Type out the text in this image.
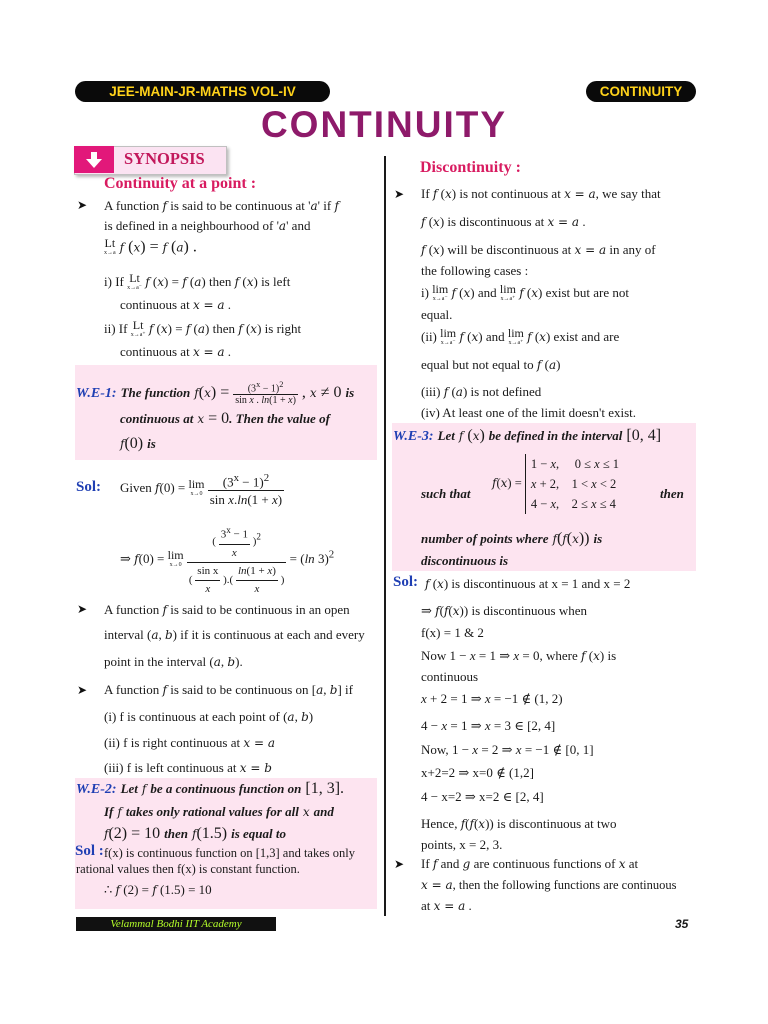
JEE-MAIN-JR-MATHS VOL-IV	CONTINUITY
CONTINUITY
SYNOPSIS
Continuity at a point :
➤ A function f is said to be continuous at 'a' if f
is defined in a neighbourhood of 'a' and
Lt
x→a f (x) = f (a) .
i) If Lt
x→a⁻ f (x) = f (a) then f (x) is left
continuous at x = a .
ii) If Lt
x→a⁺ f (x) = f (a) then f (x) is right
continuous at x = a .
W.E-1: The function $f(x) = \frac{(3^x - 1)^2}{\text{sin x . ln(1 + x)}}$ , x ≠ 0 is
continuous at x = 0. Then the value of
f(0) is
Sol: Given f(0) = lim
x→0
$\frac{(3^x - 1)^2}{\text{sin x.ln(1 + x)}}$
⇒ f(0) = lim
x→0
$\frac{( \frac{3^x - 1}{x} )^2}{( \frac{\text{sin x}}{x} ).( \frac{\ln(1 + x)}{x} )} = (\ln$ 3)$^2$
➤ A function f is said to be continuous in an open
interval (a, b) if it is continuous at each and every
point in the interval (a, b).
➤ A function f is said to be continuous on [a, b] if
(i) f is continuous at each point of (a, b)
(ii) f is right continuous at x = a
(iii) f is left continuous at x = b
W.E-2: Let f be a continuous function on [1, 3].
If f takes only rational values for all x and
f(2) = 10 then f(1.5) is equal to
Sol : f(x) is continuous function on [1,3] and takes only
rational values then f(x) is constant function.
∴ f (2) = f (1.5) = 10
Discontinuity :
➤ If f (x) is not continuous at x = a, we say that
f (x) is discontinuous at x = a .
f (x) will be discontinuous at x = a in any of
the following cases :
i) lim
x→a⁻ f (x) and lim
x→a⁺ f (x) exist but are not
equal.
(ii) lim
x→a⁻ f (x) and lim
x→a⁺ f (x) exist and are
equal but not equal to f (a)
(iii) f (a) is not defined
(iv) At least one of the limit doesn't exist.
W.E-3: Let f (x) be defined in the interval [0, 4]
such that
f(x) =
1 − x,     0 ≤ x ≤ 1
x + 2,    1 < x < 2
4 − x,    2 ≤ x ≤ 4
then
number of points where f(f(x)) is
discontinuous is
Sol: f (x) is discontinuous at x = 1 and x = 2
⇒ f(f(x)) is discontinuous when
f(x) = 1 & 2
Now 1 − x = 1 ⇒ x = 0, where f (x) is
continuous
x + 2 = 1 ⇒ x = −1 ∉ (1, 2)
4 − x = 1 ⇒ x = 3 ∈ [2, 4]
Now, 1 − x = 2 ⇒ x = −1 ∉ [0, 1]
x+2=2 ⇒ x=0 ∉ (1,2]
4 − x=2 ⇒ x=2 ∈ [2, 4]
Hence, f(f(x)) is discontinuous at two
points, x = 2, 3.
➤ If f and g are continuous functions of x at
x = a, then the following functions are continuous
at x = a .
Velammal Bodhi IIT Academy	35
